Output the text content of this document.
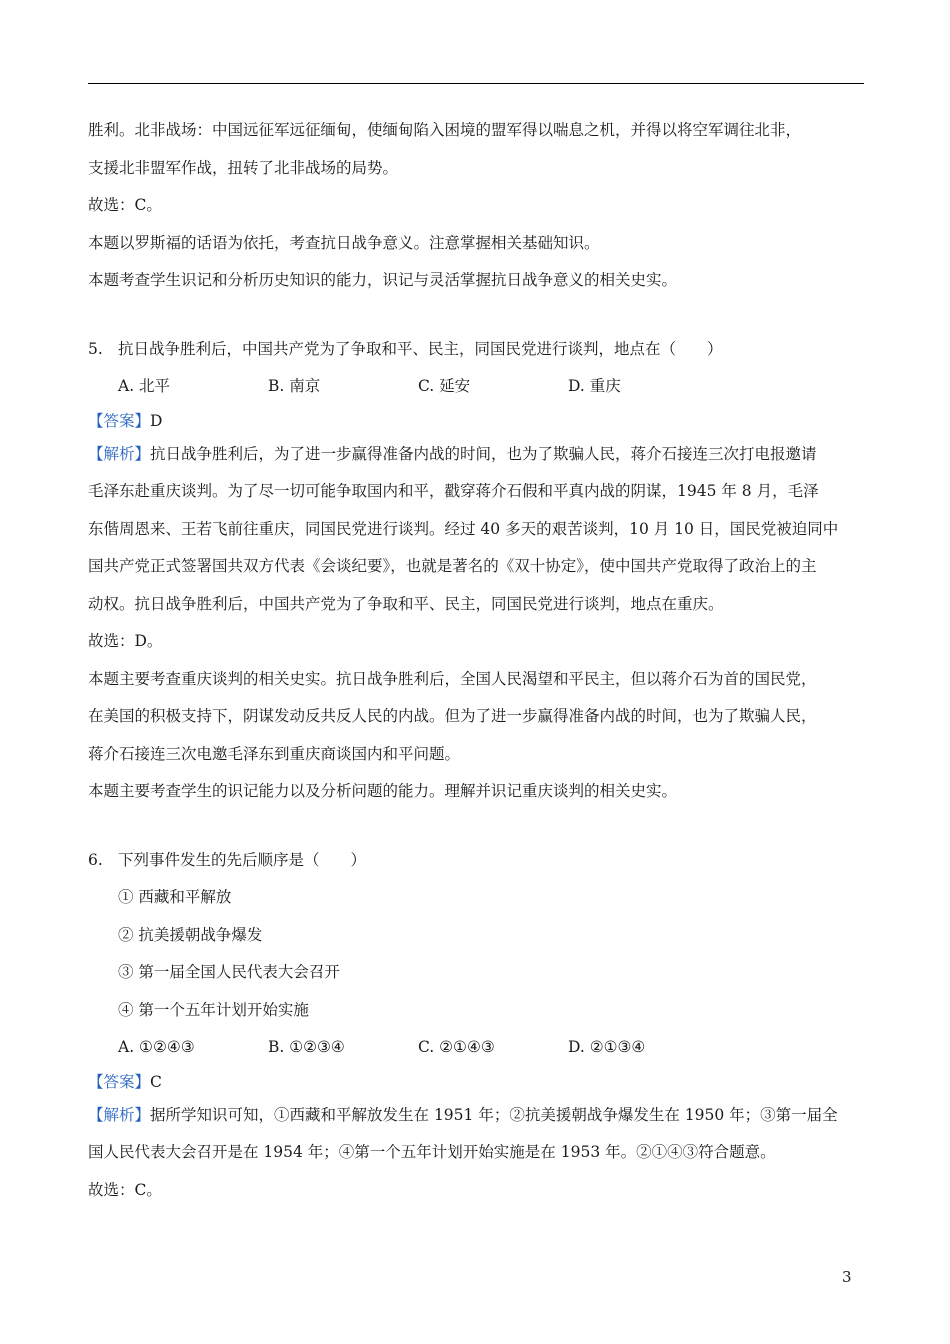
胜利。北非战场：中国远征军远征缅甸，使缅甸陷入困境的盟军得以喘息之机，并得以将空军调往北非，

支援北非盟军作战，扭转了北非战场的局势。

故选：C。

本题以罗斯福的话语为依托，考查抗日战争意义。注意掌握相关基础知识。

本题考查学生识记和分析历史知识的能力，识记与灵活掌握抗日战争意义的相关史实。

5. 抗日战争胜利后，中国共产党为了争取和平、民主，同国民党进行谈判，地点在（　　）

A. 北平	B. 南京	C. 延安	D. 重庆

【答案】D

【解析】抗日战争胜利后，为了进一步赢得准备内战的时间，也为了欺骗人民，蒋介石接连三次打电报邀请

毛泽东赴重庆谈判。为了尽一切可能争取国内和平，戳穿蒋介石假和平真内战的阴谋，1945 年 8 月，毛泽

东偕周恩来、王若飞前往重庆，同国民党进行谈判。经过 40 多天的艰苦谈判，10 月 10 日，国民党被迫同中

国共产党正式签署国共双方代表《会谈纪要》，也就是著名的《双十协定》，使中国共产党取得了政治上的主

动权。抗日战争胜利后，中国共产党为了争取和平、民主，同国民党进行谈判，地点在重庆。

故选：D。

本题主要考查重庆谈判的相关史实。抗日战争胜利后，全国人民渴望和平民主，但以蒋介石为首的国民党，

在美国的积极支持下，阴谋发动反共反人民的内战。但为了进一步赢得准备内战的时间，也为了欺骗人民，

蒋介石接连三次电邀毛泽东到重庆商谈国内和平问题。

本题主要考查学生的识记能力以及分析问题的能力。理解并识记重庆谈判的相关史实。

6. 下列事件发生的先后顺序是（　　）

① 西藏和平解放

② 抗美援朝战争爆发

③ 第一届全国人民代表大会召开

④ 第一个五年计划开始实施

A. ①②④③	B. ①②③④	C. ②①④③	D. ②①③④

【答案】C

【解析】据所学知识可知，①西藏和平解放发生在 1951 年；②抗美援朝战争爆发生在 1950 年；③第一届全

国人民代表大会召开是在 1954 年；④第一个五年计划开始实施是在 1953 年。②①④③符合题意。

故选：C。

3
